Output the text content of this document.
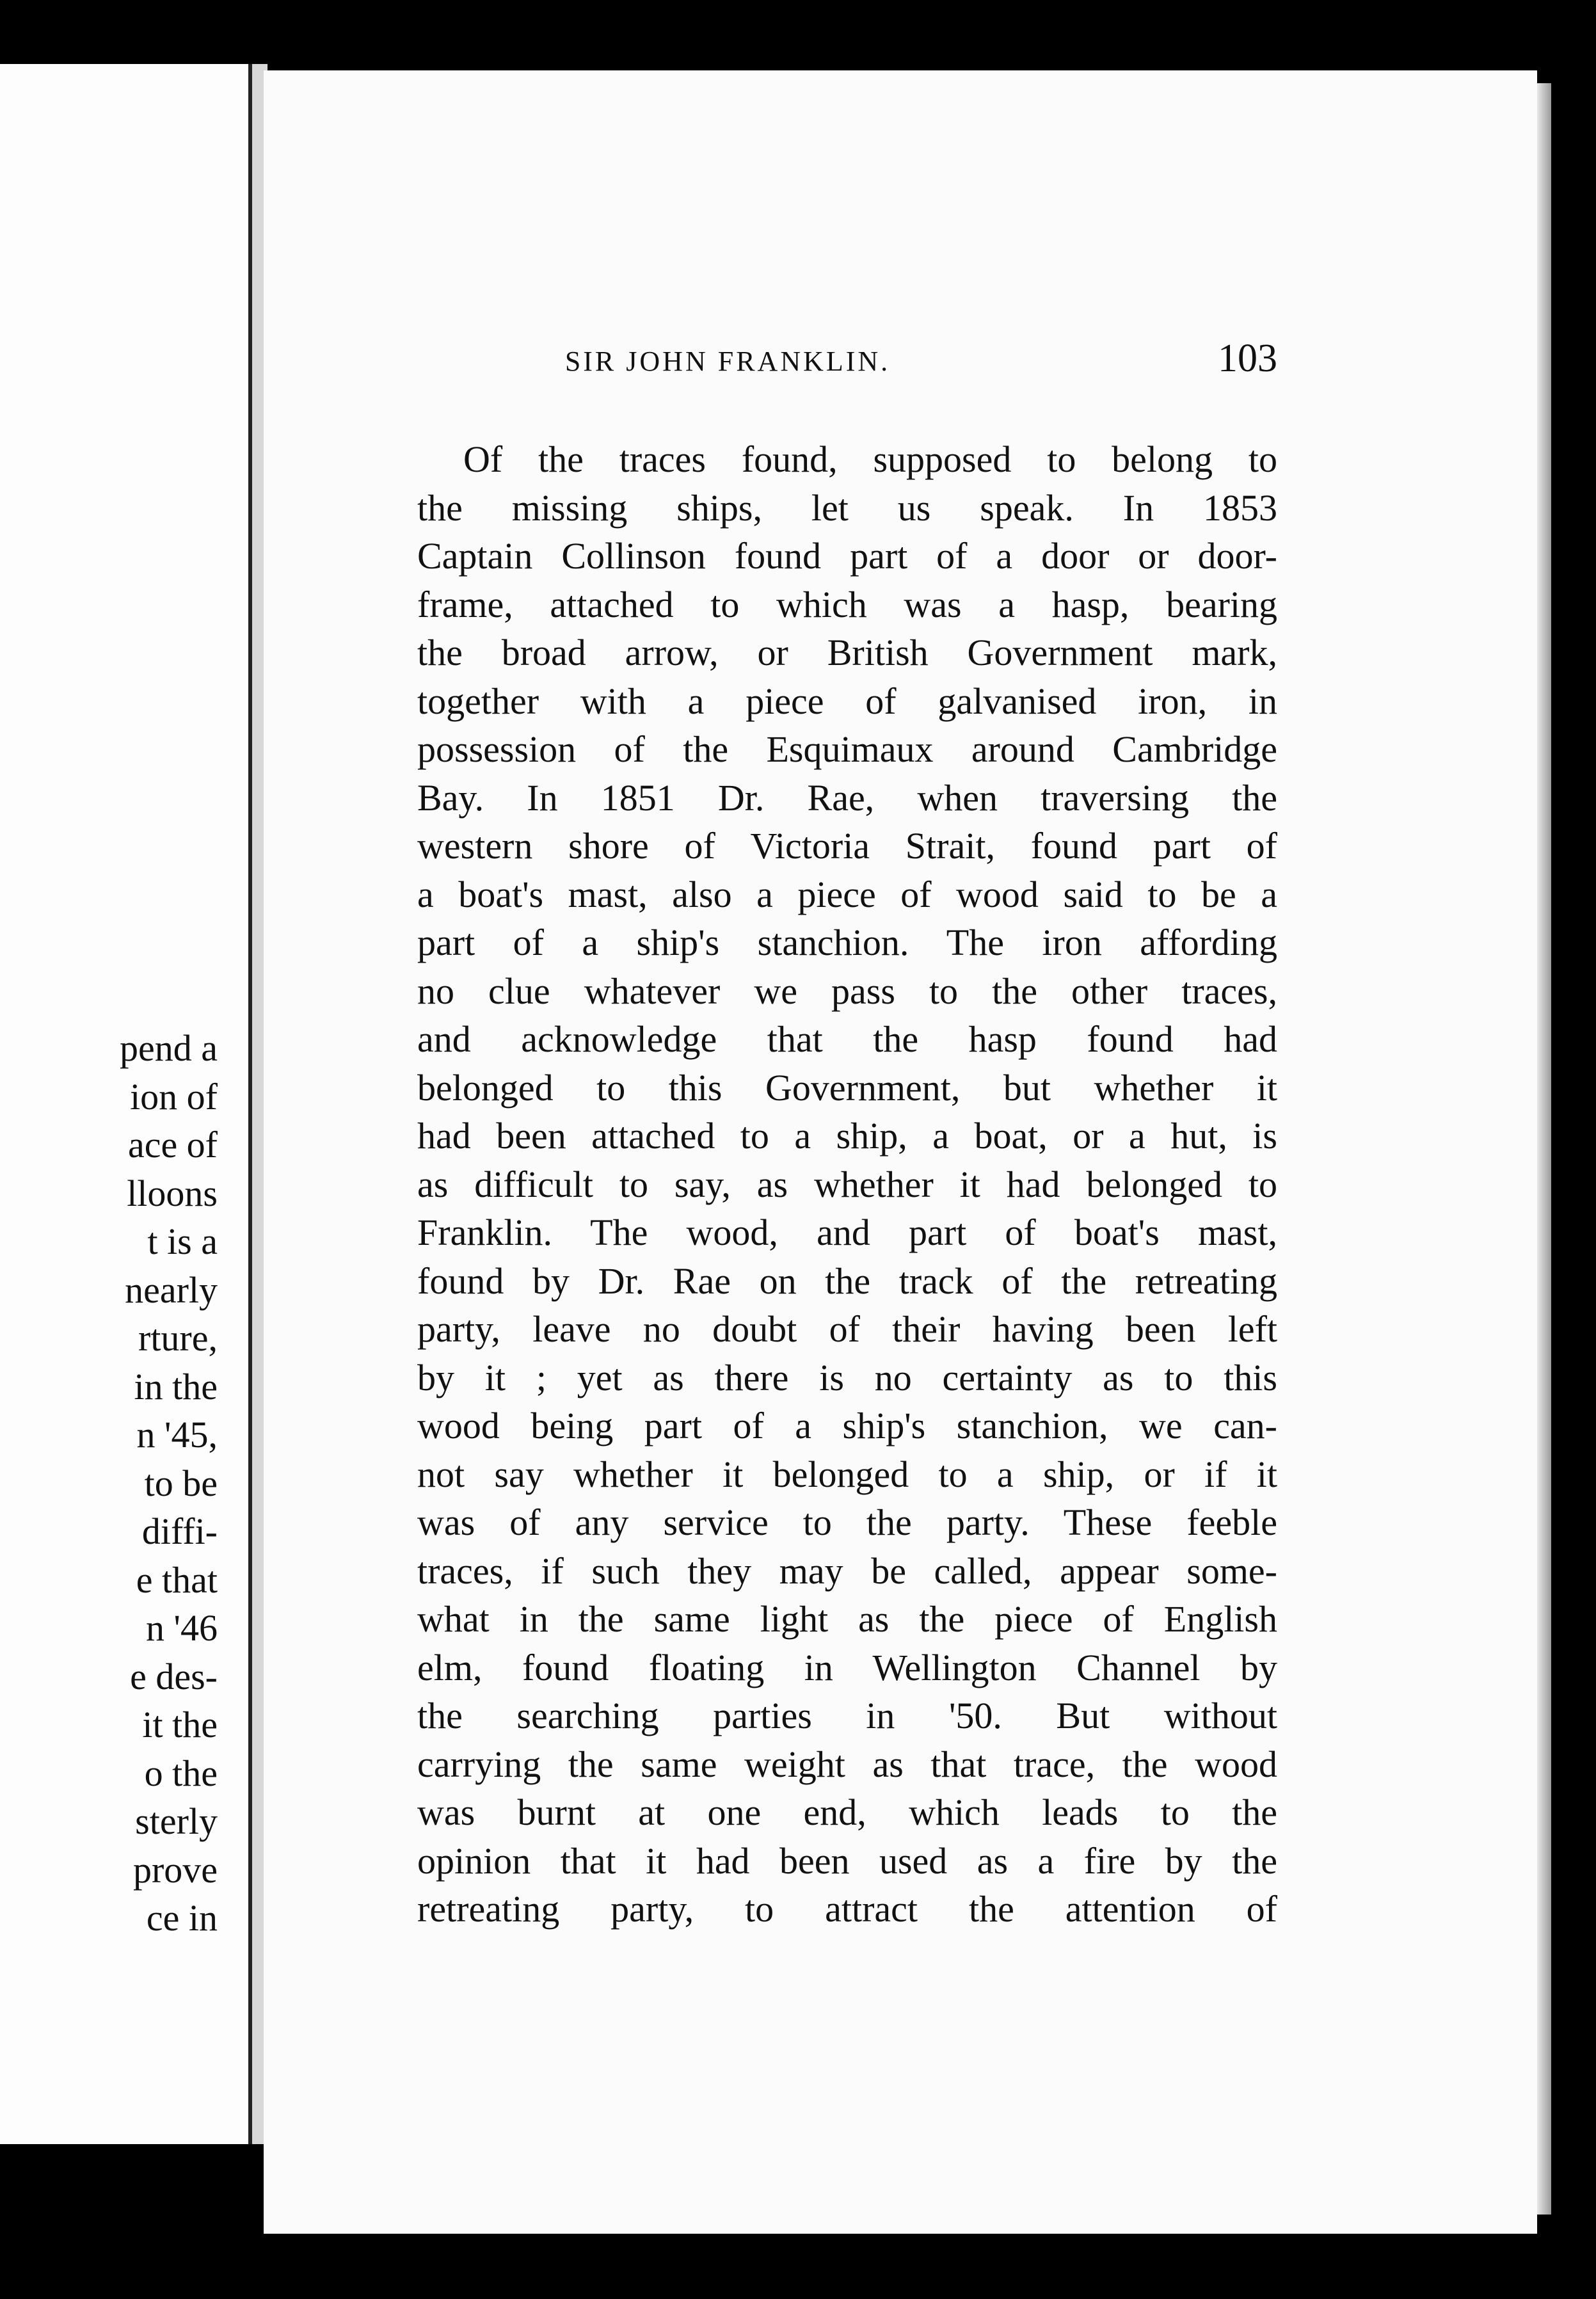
pend a
ion of
ace of
lloons
t is a
nearly
rture,
in the
n '45,
to be
diffi-
e that
n '46
e des-
it the
o the
sterly
prove
ce in
SIR JOHN FRANKLIN.	103
Of the traces found, supposed to belong to
the missing ships, let us speak. In 1853
Captain Collinson found part of a door or door-
frame, attached to which was a hasp, bearing
the broad arrow, or British Government mark,
together with a piece of galvanised iron, in
possession of the Esquimaux around Cambridge
Bay. In 1851 Dr. Rae, when traversing the
western shore of Victoria Strait, found part of
a boat's mast, also a piece of wood said to be a
part of a ship's stanchion. The iron affording
no clue whatever we pass to the other traces,
and acknowledge that the hasp found had
belonged to this Government, but whether it
had been attached to a ship, a boat, or a hut, is
as difficult to say, as whether it had belonged to
Franklin. The wood, and part of boat's mast,
found by Dr. Rae on the track of the retreating
party, leave no doubt of their having been left
by it ; yet as there is no certainty as to this
wood being part of a ship's stanchion, we can-
not say whether it belonged to a ship, or if it
was of any service to the party. These feeble
traces, if such they may be called, appear some-
what in the same light as the piece of English
elm, found floating in Wellington Channel by
the searching parties in '50. But without
carrying the same weight as that trace, the wood
was burnt at one end, which leads to the
opinion that it had been used as a fire by the
retreating party, to attract the attention of
